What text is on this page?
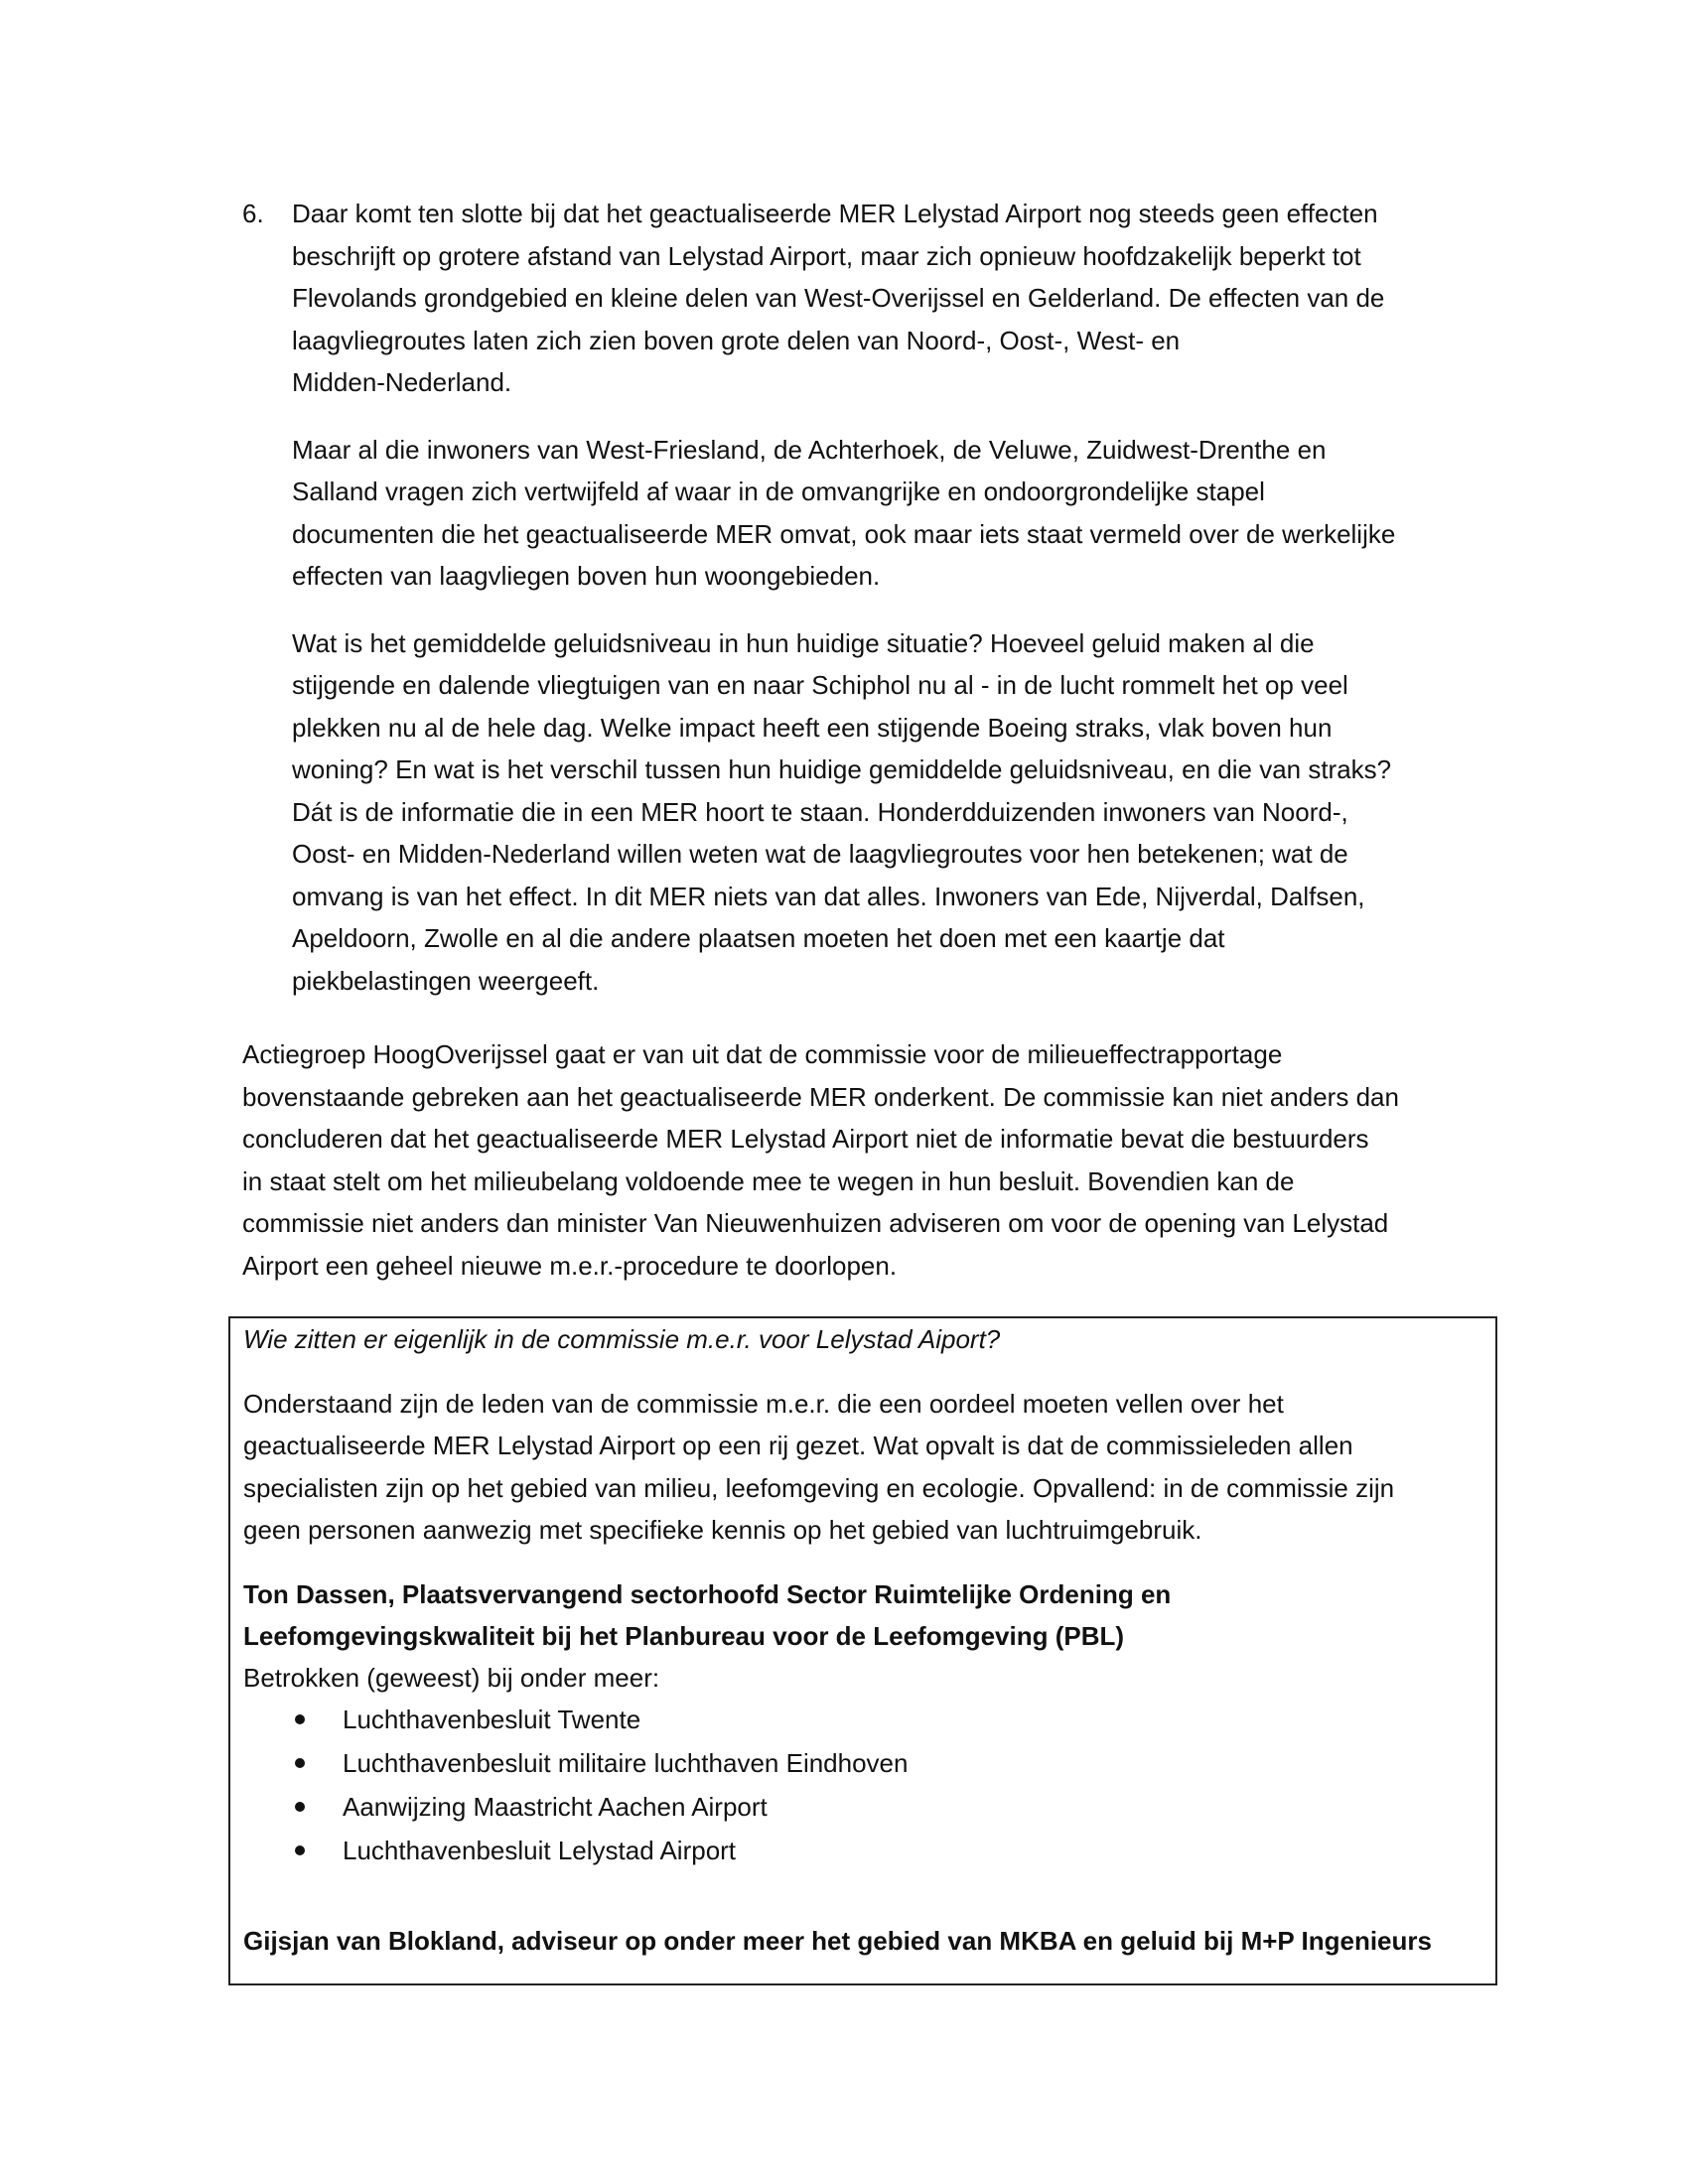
6. Daar komt ten slotte bij dat het geactualiseerde MER Lelystad Airport nog steeds geen effecten
beschrijft op grotere afstand van Lelystad Airport, maar zich opnieuw hoofdzakelijk beperkt tot
Flevolands grondgebied en kleine delen van West-Overijssel en Gelderland. De effecten van de
laagvliegroutes laten zich zien boven grote delen van Noord-, Oost-, West- en
Midden-Nederland.

Maar al die inwoners van West-Friesland, de Achterhoek, de Veluwe, Zuidwest-Drenthe en
Salland vragen zich vertwijfeld af waar in de omvangrijke en ondoorgrondelijke stapel
documenten die het geactualiseerde MER omvat, ook maar iets staat vermeld over de werkelijke
effecten van laagvliegen boven hun woongebieden.

Wat is het gemiddelde geluidsniveau in hun huidige situatie? Hoeveel geluid maken al die
stijgende en dalende vliegtuigen van en naar Schiphol nu al - in de lucht rommelt het op veel
plekken nu al de hele dag. Welke impact heeft een stijgende Boeing straks, vlak boven hun
woning? En wat is het verschil tussen hun huidige gemiddelde geluidsniveau, en die van straks?
Dát is de informatie die in een MER hoort te staan. Honderdduizenden inwoners van Noord-,
Oost- en Midden-Nederland willen weten wat de laagvliegroutes voor hen betekenen; wat de
omvang is van het effect. In dit MER niets van dat alles. Inwoners van Ede, Nijverdal, Dalfsen,
Apeldoorn, Zwolle en al die andere plaatsen moeten het doen met een kaartje dat
piekbelastingen weergeeft.

Actiegroep HoogOverijssel gaat er van uit dat de commissie voor de milieueffectrapportage
bovenstaande gebreken aan het geactualiseerde MER onderkent. De commissie kan niet anders dan
concluderen dat het geactualiseerde MER Lelystad Airport niet de informatie bevat die bestuurders
in staat stelt om het milieubelang voldoende mee te wegen in hun besluit. Bovendien kan de
commissie niet anders dan minister Van Nieuwenhuizen adviseren om voor de opening van Lelystad
Airport een geheel nieuwe m.e.r.-procedure te doorlopen.

Wie zitten er eigenlijk in de commissie m.e.r. voor Lelystad Aiport?

Onderstaand zijn de leden van de commissie m.e.r. die een oordeel moeten vellen over het
geactualiseerde MER Lelystad Airport op een rij gezet. Wat opvalt is dat de commissieleden allen
specialisten zijn op het gebied van milieu, leefomgeving en ecologie. Opvallend: in de commissie zijn
geen personen aanwezig met specifieke kennis op het gebied van luchtruimgebruik.

Ton Dassen, Plaatsvervangend sectorhoofd Sector Ruimtelijke Ordening en
Leefomgevingskwaliteit bij het Planbureau voor de Leefomgeving (PBL)

Betrokken (geweest) bij onder meer:

Luchthavenbesluit Twente
Luchthavenbesluit militaire luchthaven Eindhoven
Aanwijzing Maastricht Aachen Airport
Luchthavenbesluit Lelystad Airport

Gijsjan van Blokland, adviseur op onder meer het gebied van MKBA en geluid bij M+P Ingenieurs
